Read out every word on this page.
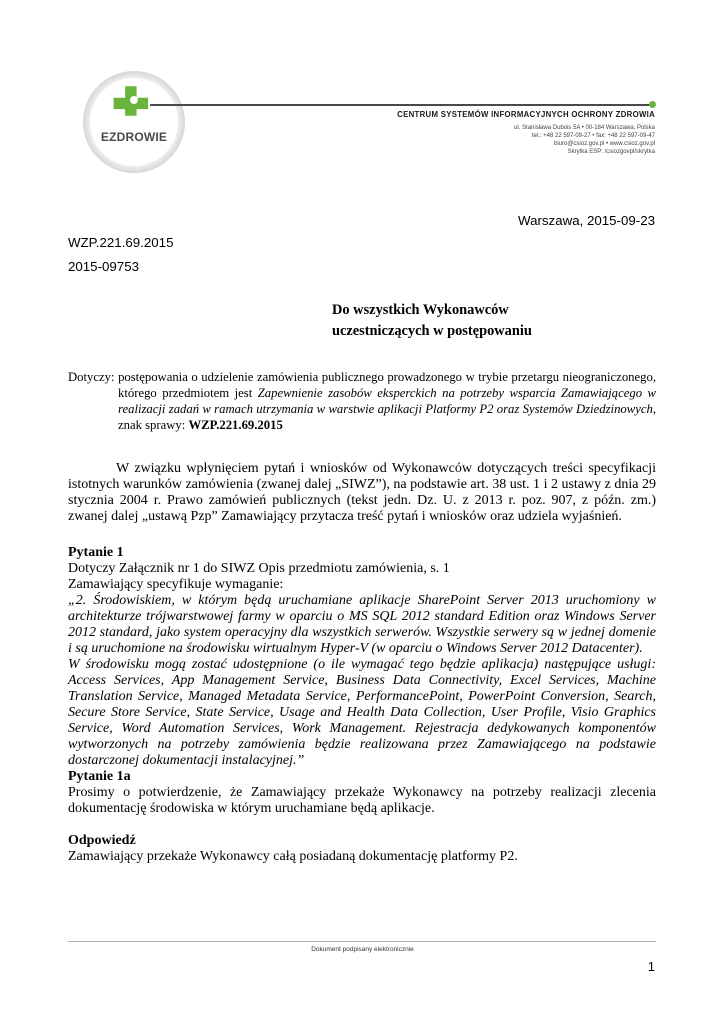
EZDROWIE
CENTRUM SYSTEMÓW INFORMACYJNYCH OCHRONY ZDROWIA
ul. Stanisława Dubois 5A • 00-184 Warszawa, Polska
tel.: +48 22 597-09-27 • fax: +48 22 597-09-47
biuro@csioz.gov.pl • www.csioz.gov.pl
Skrytka ESP: /csiozgovpl/skrytka
Warszawa, 2015-09-23
WZP.221.69.2015
2015-09753
Do wszystkich Wykonawców
uczestniczących w postępowaniu
Dotyczy: postępowania o udzielenie zamówienia publicznego prowadzonego w trybie przetargu nieograniczonego, którego przedmiotem jest Zapewnienie zasobów eksperckich na potrzeby wsparcia Zamawiającego w realizacji zadań w ramach utrzymania w warstwie aplikacji Platformy P2 oraz Systemów Dziedzinowych, znak sprawy: WZP.221.69.2015
W związku wpłynięciem pytań i wniosków od Wykonawców dotyczących treści specyfikacji istotnych warunków zamówienia (zwanej dalej „SIWZ”), na podstawie art. 38 ust. 1 i 2 ustawy z dnia 29 stycznia 2004 r. Prawo zamówień publicznych (tekst jedn. Dz. U. z 2013 r. poz. 907, z późn. zm.) zwanej dalej „ustawą Pzp” Zamawiający przytacza treść pytań i wniosków oraz udziela wyjaśnień.
Pytanie 1
Dotyczy Załącznik nr 1 do SIWZ Opis przedmiotu zamówienia, s. 1
Zamawiający specyfikuje wymaganie:
„2. Środowiskiem, w którym będą uruchamiane aplikacje SharePoint Server 2013 uruchomiony w architekturze trójwarstwowej farmy w oparciu o MS SQL 2012 standard Edition oraz Windows Server 2012 standard, jako system operacyjny dla wszystkich serwerów. Wszystkie serwery są w jednej domenie i są uruchomione na środowisku wirtualnym Hyper-V (w oparciu o Windows Server 2012 Datacenter).
W środowisku mogą zostać udostępnione (o ile wymagać tego będzie aplikacja) następujące usługi: Access Services, App Management Service, Business Data Connectivity, Excel Services, Machine Translation Service, Managed Metadata Service, PerformancePoint, PowerPoint Conversion, Search, Secure Store Service, State Service, Usage and Health Data Collection, User Profile, Visio Graphics Service, Word Automation Services, Work Management. Rejestracja dedykowanych komponentów wytworzonych na potrzeby zamówienia będzie realizowana przez Zamawiającego na podstawie dostarczonej dokumentacji instalacyjnej.”
Pytanie 1a
Prosimy o potwierdzenie, że Zamawiający przekaże Wykonawcy na potrzeby realizacji zlecenia dokumentację środowiska w którym uruchamiane będą aplikacje.
Odpowiedź
Zamawiający przekaże Wykonawcy całą posiadaną dokumentację platformy P2.
Dokument podpisany elektronicznie
1
